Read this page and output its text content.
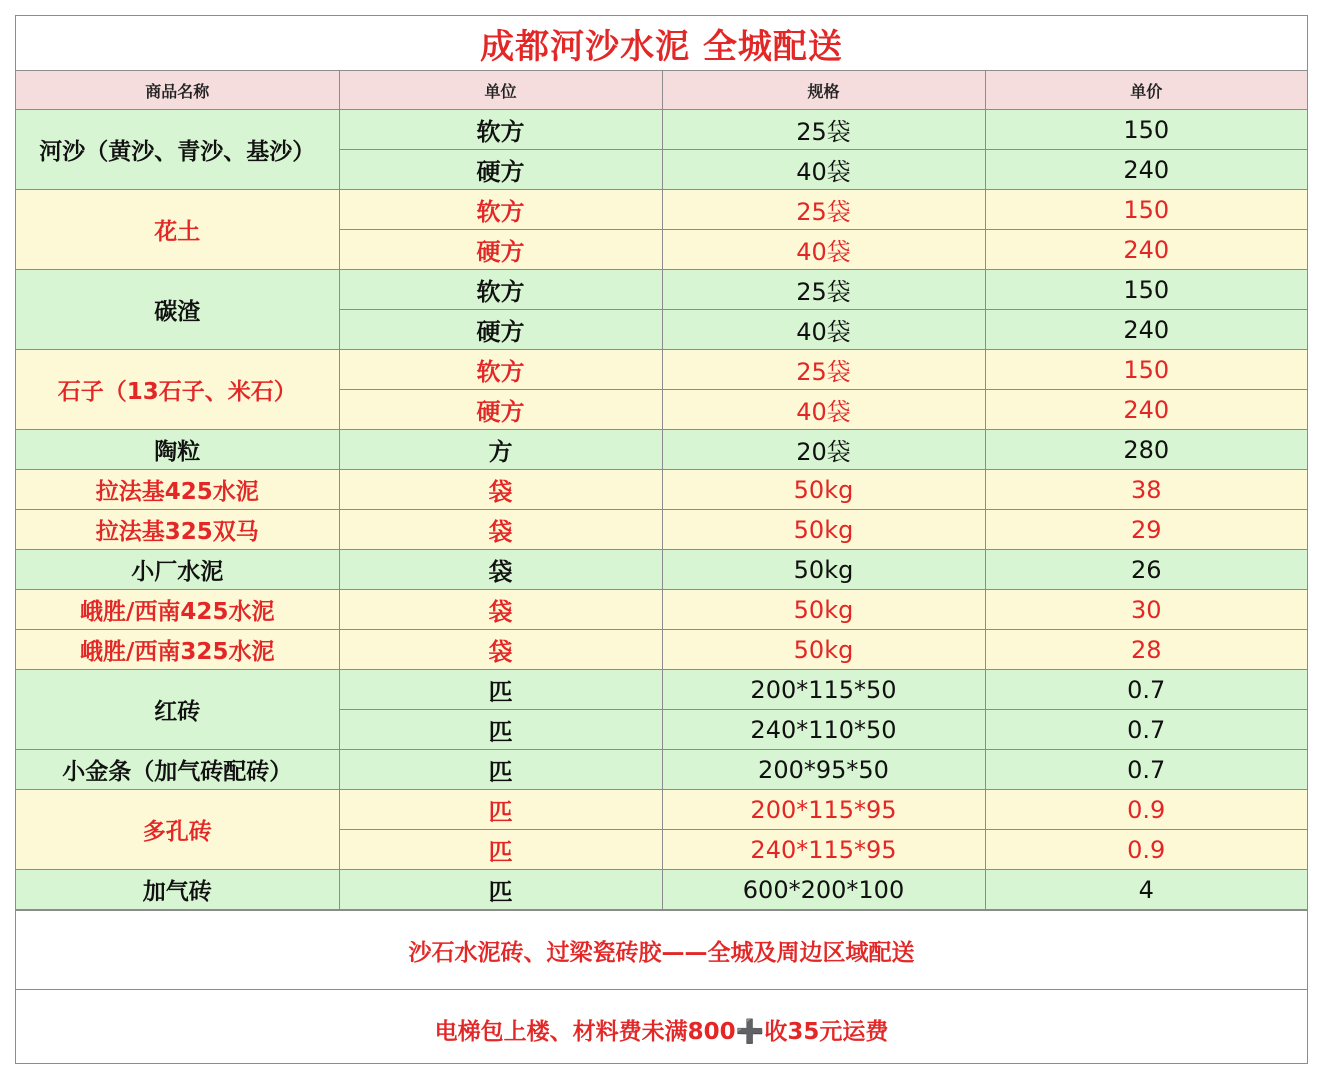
成都河沙水泥 全城配送
商品名称	单位	规格	单价
河沙（黄沙、青沙、基沙）	软方	25袋	150
	硬方	40袋	240
花土	软方	25袋	150
	硬方	40袋	240
碳渣	软方	25袋	150
	硬方	40袋	240
石子（13石子、米石）	软方	25袋	150
	硬方	40袋	240
陶粒	方	20袋	280
拉法基425水泥	袋	50kg	38
拉法基325双马	袋	50kg	29
小厂水泥	袋	50kg	26
峨胜/西南425水泥	袋	50kg	30
峨胜/西南325水泥	袋	50kg	28
红砖	匹	200*115*50	0.7
	匹	240*110*50	0.7
小金条（加气砖配砖）	匹	200*95*50	0.7
多孔砖	匹	200*115*95	0.9
	匹	240*115*95	0.9
加气砖	匹	600*200*100	4
沙石水泥砖、过梁瓷砖胶——全城及周边区域配送
电梯包上楼、材料费未满800➕收35元运费
